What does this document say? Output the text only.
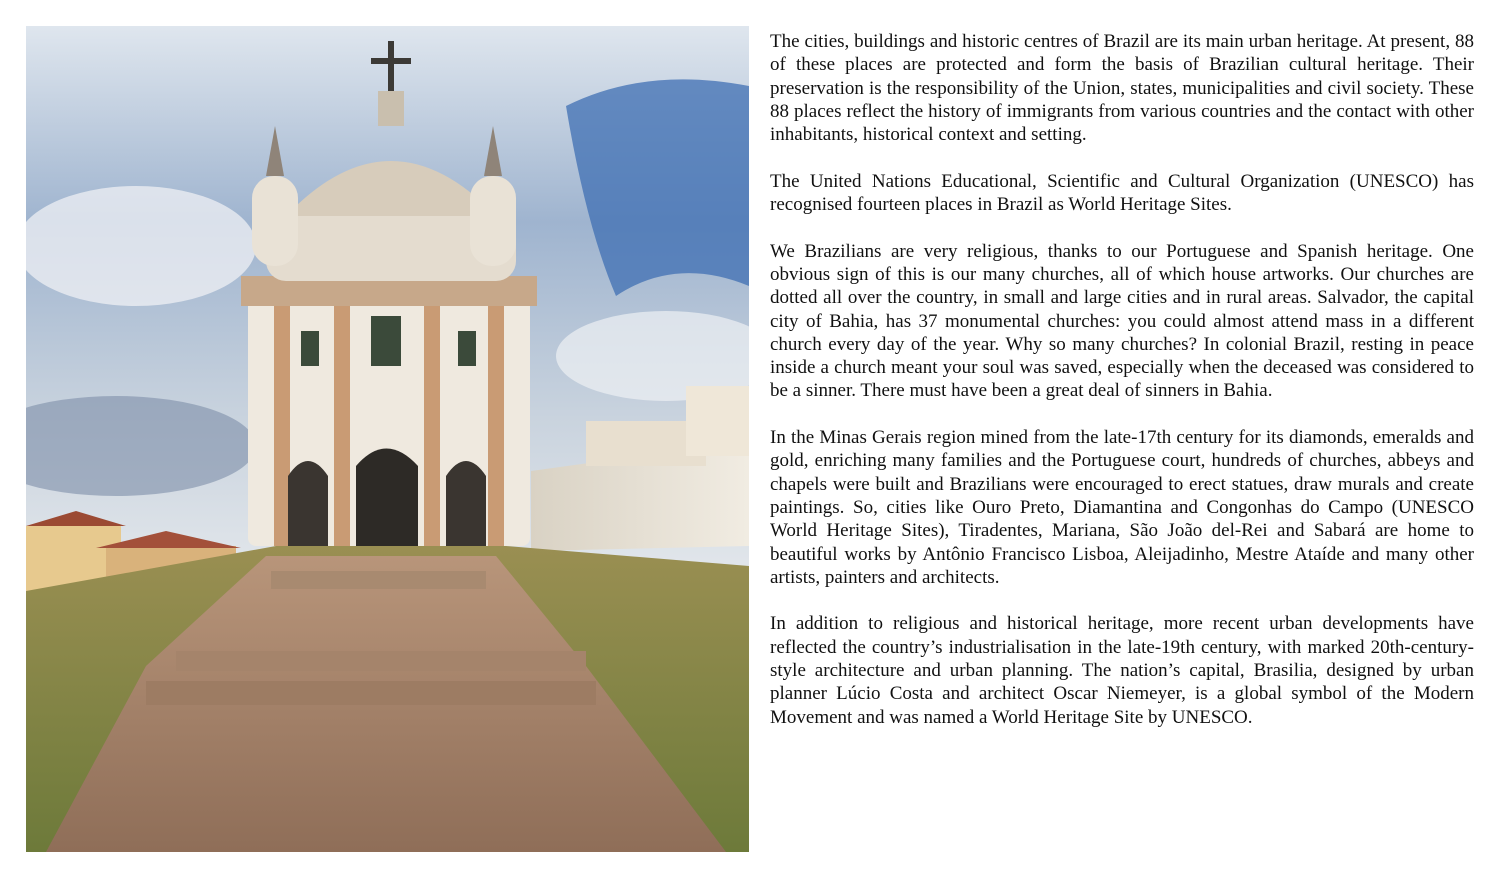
The cities, buildings and historic centres of Brazil are its main urban heritage. At present, 88 of these places are protected and form the basis of Brazilian cultural heritage. Their preservation is the responsibility of the Union, states, municipalities and civil society. These 88 places reflect the history of immigrants from various countries and the contact with other inhabitants, historical context and setting.

The United Nations Educational, Scientific and Cultural Organization (UNESCO) has recognised fourteen places in Brazil as World Heritage Sites.

We Brazilians are very religious, thanks to our Portuguese and Spanish heritage. One obvious sign of this is our many churches, all of which house artworks. Our churches are dotted all over the country, in small and large cities and in rural areas. Salvador, the capital city of Bahia, has 37 monumental churches: you could almost attend mass in a different church every day of the year. Why so many churches? In colonial Brazil, resting in peace inside a church meant your soul was saved, especially when the deceased was considered to be a sinner. There must have been a great deal of sinners in Bahia.

In the Minas Gerais region mined from the late-17th century for its diamonds, emeralds and gold, enriching many families and the Portuguese court, hundreds of churches, abbeys and chapels were built and Brazilians were encouraged to erect statues, draw murals and create paintings. So, cities like Ouro Preto, Diamantina and Congonhas do Campo (UNESCO World Heritage Sites), Tiradentes, Mariana, São João del-Rei and Sabará are home to beautiful works by Antônio Francisco Lisboa, Aleijadinho, Mestre Ataíde and many other artists, painters and architects.

In addition to religious and historical heritage, more recent urban developments have reflected the country’s industrialisation in the late-19th century, with marked 20th-century-style architecture and urban planning. The nation’s capital, Brasilia, designed by urban planner Lúcio Costa and architect Oscar Niemeyer, is a global symbol of the Modern Movement and was named a World Heritage Site by UNESCO.
